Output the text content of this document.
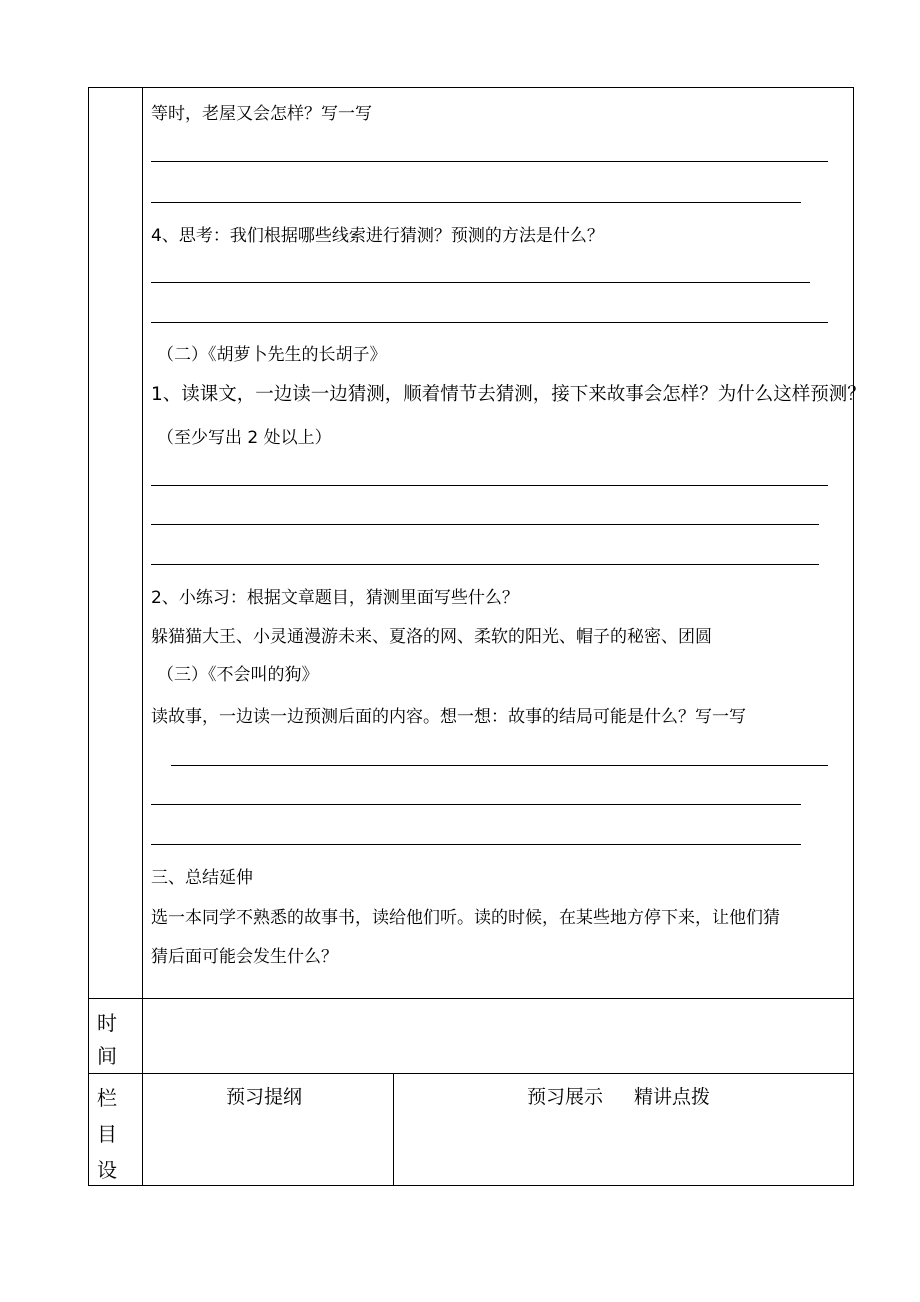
等时，老屋又会怎样？写一写
4、思考：我们根据哪些线索进行猜测？预测的方法是什么？
（二）《胡萝卜先生的长胡子》
1、读课文，一边读一边猜测，顺着情节去猜测，接下来故事会怎样？为什么这样预测？
（至少写出 2 处以上）
2、小练习：根据文章题目，猜测里面写些什么？
躲猫猫大王、小灵通漫游未来、夏洛的网、柔软的阳光、帽子的秘密、团圆
（三）《不会叫的狗》
读故事，一边读一边预测后面的内容。想一想：故事的结局可能是什么？写一写
三、总结延伸
选一本同学不熟悉的故事书，读给他们听。读的时候，在某些地方停下来，让他们猜
猜后面可能会发生什么？
时
间
栏
目
设
预习提纲	预习展示 精讲点拨
